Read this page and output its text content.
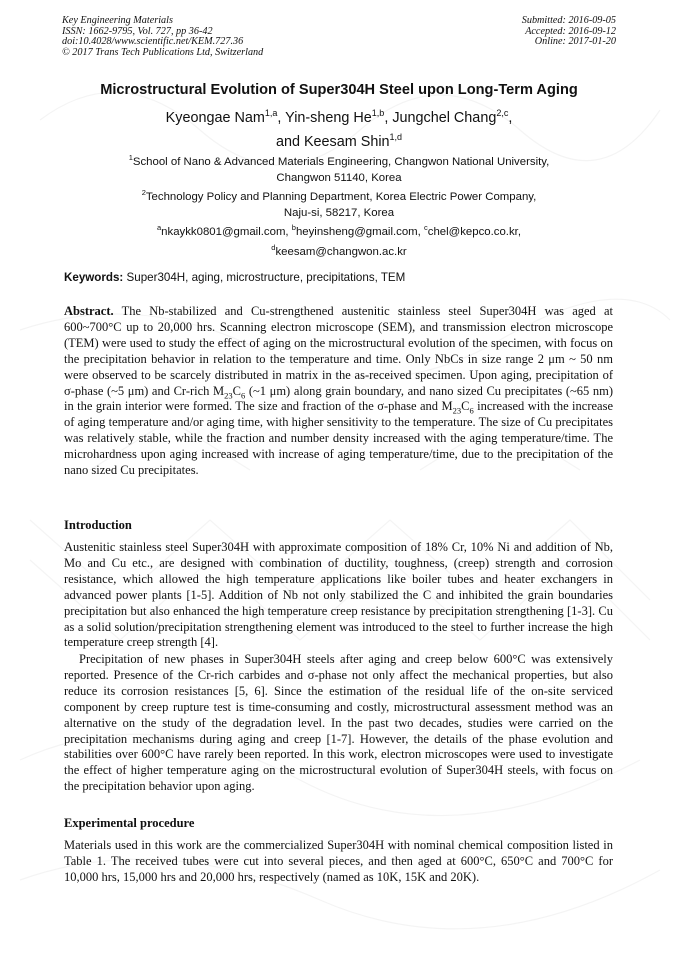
Key Engineering Materials
ISSN: 1662-9795, Vol. 727, pp 36-42
doi:10.4028/www.scientific.net/KEM.727.36
© 2017 Trans Tech Publications Ltd, Switzerland
Submitted: 2016-09-05
Accepted: 2016-09-12
Online: 2017-01-20
Microstructural Evolution of Super304H Steel upon Long-Term Aging
Kyeongae Nam$^{1,a}$, Yin-sheng He$^{1,b}$, Jungchel Chang$^{2,c}$,
and Keesam Shin$^{1,d}$
$^1$School of Nano & Advanced Materials Engineering, Changwon National University,
Changwon 51140, Korea
$^2$Technology Policy and Planning Department, Korea Electric Power Company,
Naju-si, 58217, Korea
$^a$nkaykk0801@gmail.com, $^b$heyinsheng@gmail.com, $^c$chel@kepco.co.kr,
$^d$keesam@changwon.ac.kr
Keywords: Super304H, aging, microstructure, precipitations, TEM
Abstract. The Nb-stabilized and Cu-strengthened austenitic stainless steel Super304H was aged at 600~700°C up to 20,000 hrs. Scanning electron microscope (SEM), and transmission electron microscope (TEM) were used to study the effect of aging on the microstructural evolution of the specimen, with focus on the precipitation behavior in relation to the temperature and time. Only NbCs in size range 2 μm ~ 50 nm were observed to be scarcely distributed in matrix in the as-received specimen. Upon aging, precipitation of σ-phase (~5 μm) and Cr-rich $M_{23}C_6$ (~1 μm) along grain boundary, and nano sized Cu precipitates (~65 nm) in the grain interior were formed. The size and fraction of the σ-phase and $M_{23}C_6$ increased with the increase of aging temperature and/or aging time, with higher sensitivity to the temperature. The size of Cu precipitates was relatively stable, while the fraction and number density increased with the aging temperature/time. The microhardness upon aging increased with increase of aging temperature/time, due to the precipitation of the nano sized Cu precipitates.
Introduction
Austenitic stainless steel Super304H with approximate composition of 18% Cr, 10% Ni and addition of Nb, Mo and Cu etc., are designed with combination of ductility, toughness, (creep) strength and corrosion resistance, which allowed the high temperature applications like boiler tubes and heater exchangers in advanced power plants [1-5]. Addition of Nb not only stabilized the C and inhibited the grain boundaries precipitation but also enhanced the high temperature creep resistance by precipitation strengthening [1-3]. Cu as a solid solution/precipitation strengthening element was introduced to the steel to further increase the high temperature creep strength [4].
Precipitation of new phases in Super304H steels after aging and creep below 600°C was extensively reported. Presence of the Cr-rich carbides and σ-phase not only affect the mechanical properties, but also reduce its corrosion resistances [5, 6]. Since the estimation of the residual life of the on-site serviced component by creep rupture test is time-consuming and costly, microstructural assessment method was an alternative on the study of the degradation level. In the past two decades, studies were carried on the precipitation mechanisms during aging and creep [1-7]. However, the details of the phase evolution and stabilities over 600°C have rarely been reported. In this work, electron microscopes were used to investigate the effect of higher temperature aging on the microstructural evolution of Super304H steels, with focus on the precipitation behavior upon aging.
Experimental procedure
Materials used in this work are the commercialized Super304H with nominal chemical composition listed in Table 1. The received tubes were cut into several pieces, and then aged at 600°C, 650°C and 700°C for 10,000 hrs, 15,000 hrs and 20,000 hrs, respectively (named as 10K, 15K and 20K).
